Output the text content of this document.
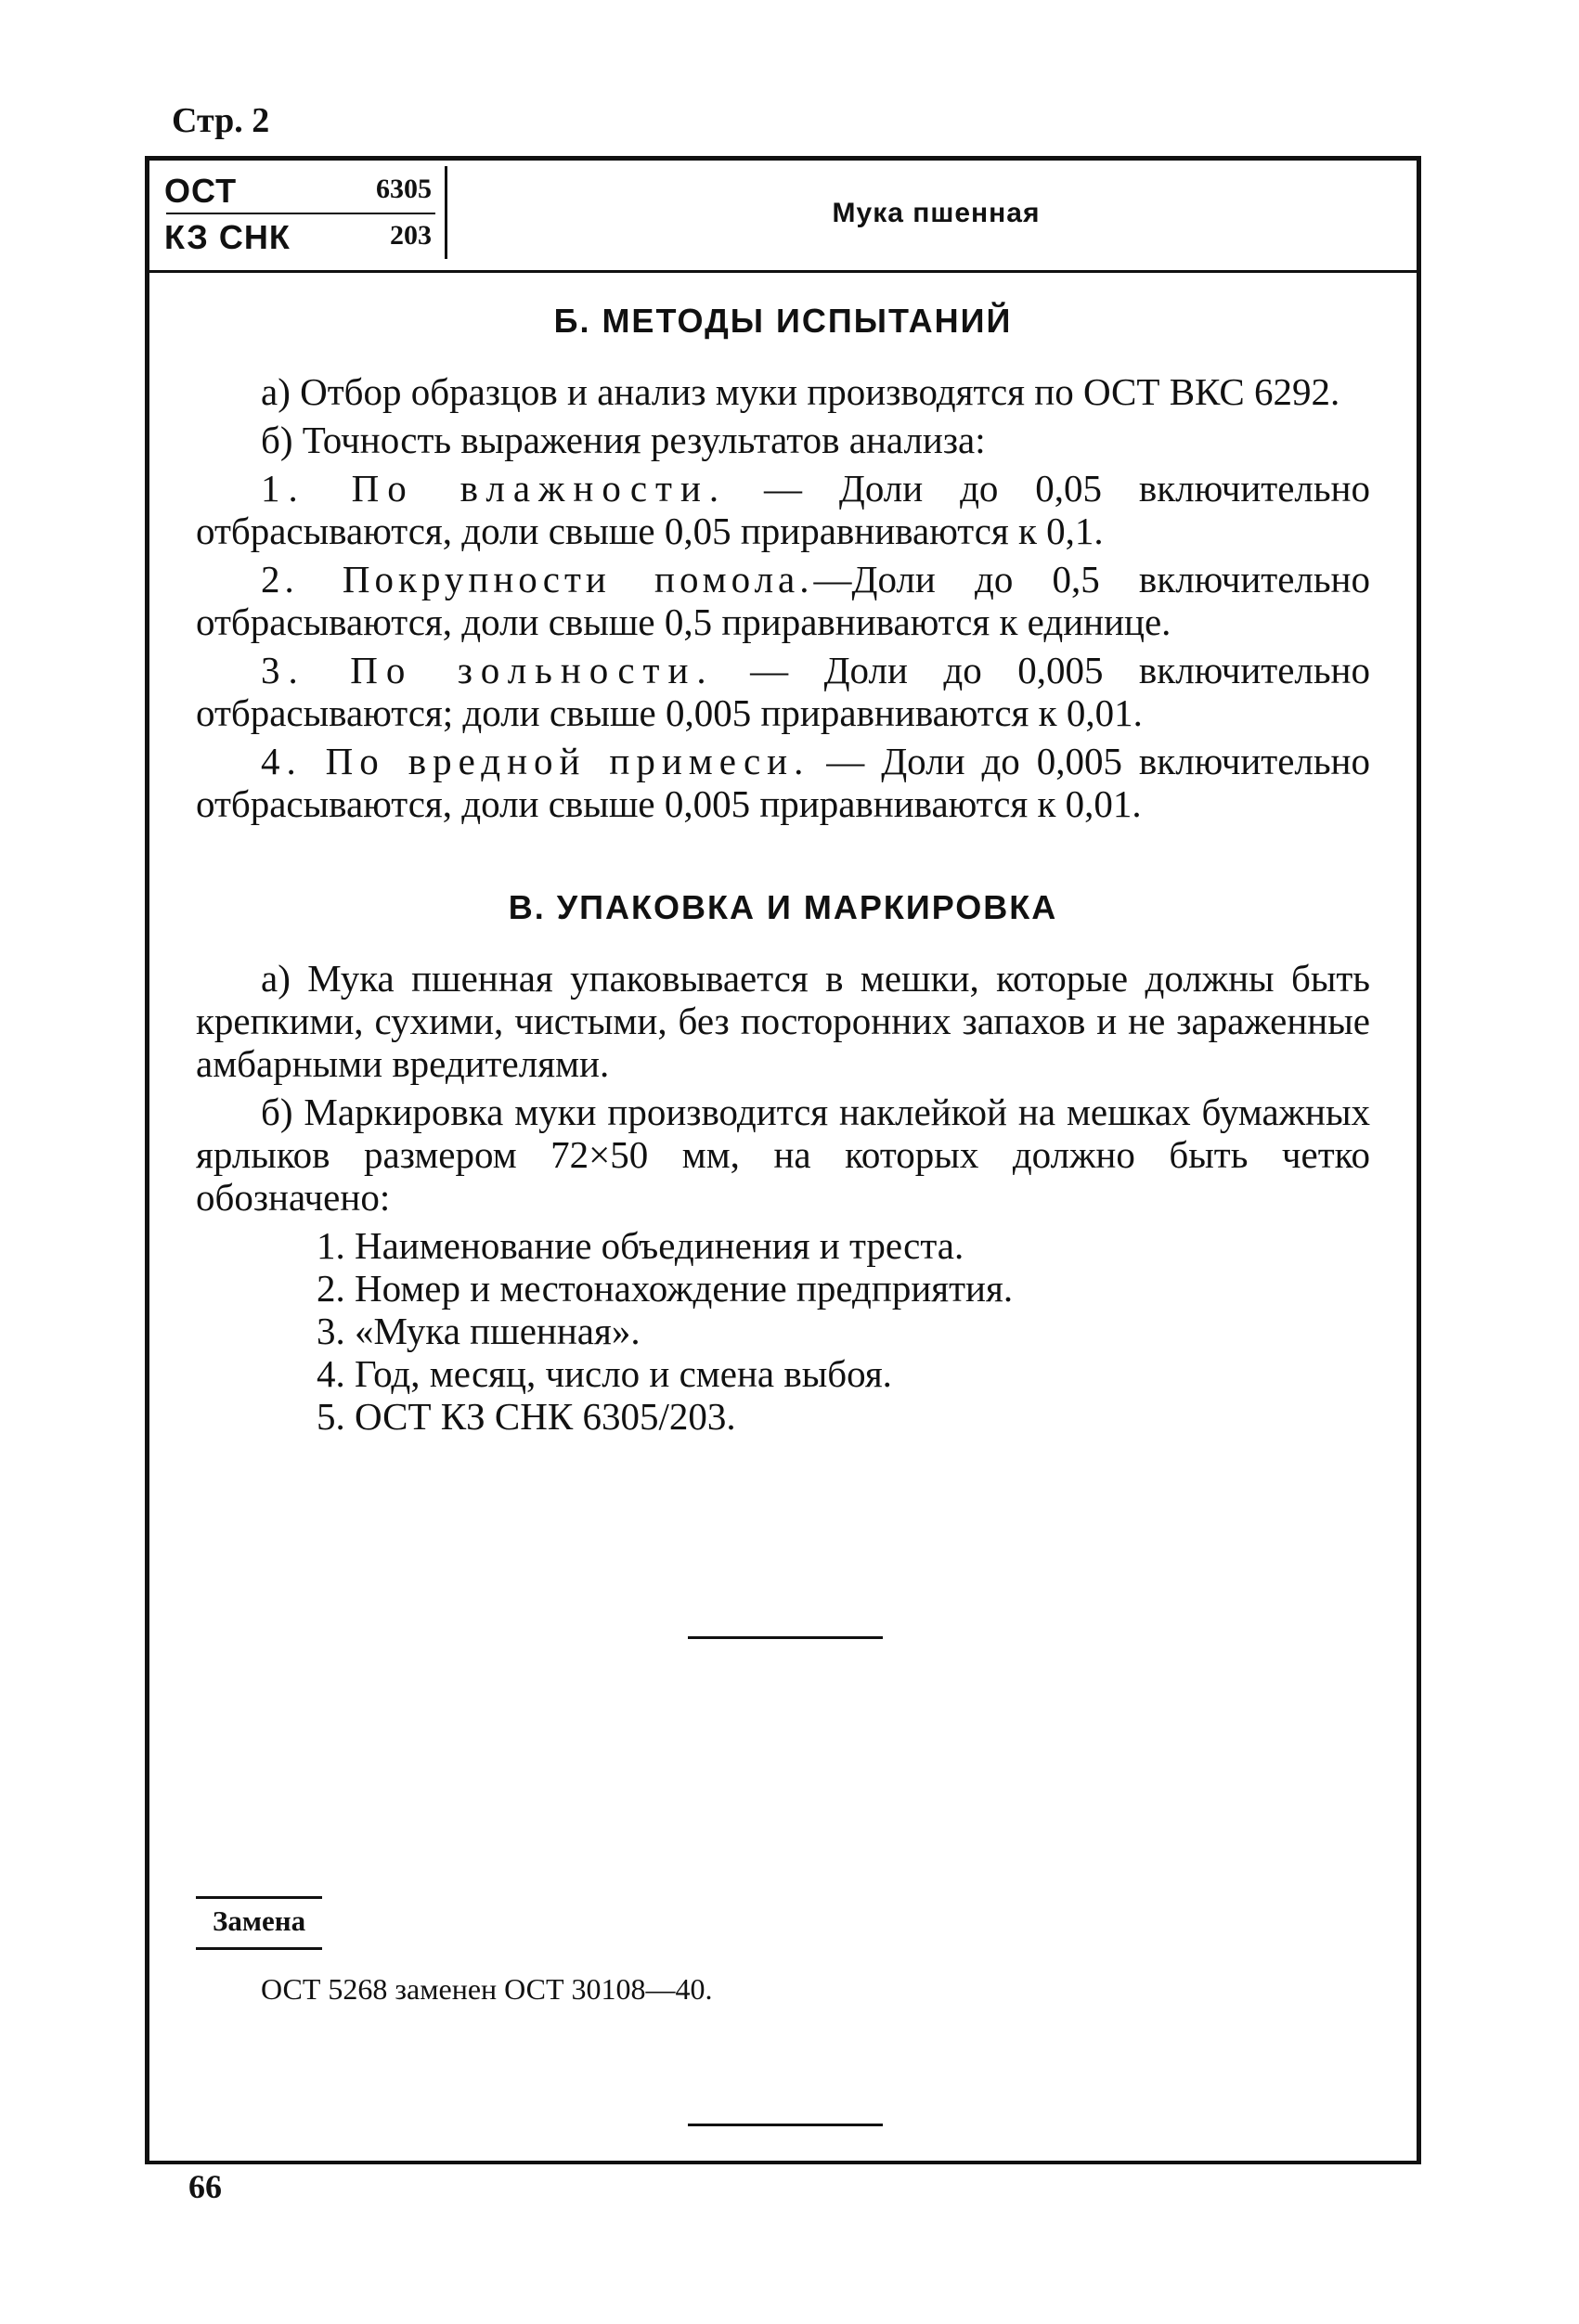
Стр. 2
ОСТ	6305
КЗ СНК	203
Мука пшенная
Б. МЕТОДЫ ИСПЫТАНИЙ

а) Отбор образцов и анализ муки производятся по ОСТ ВКС 6292.

б) Точность выражения результатов анализа:

1. По влажности. — Доли до 0,05 включительно отбрасываются, доли свыше 0,05 приравниваются к 0,1.

2. Покрупности помола.—Доли до 0,5 включительно отбрасываются, доли свыше 0,5 приравниваются к единице.

3. По зольности. — Доли до 0,005 включительно отбрасываются; доли свыше 0,005 приравниваются к 0,01.

4. По вредной примеси. — Доли до 0,005 включительно отбрасываются, доли свыше 0,005 приравниваются к 0,01.

В. УПАКОВКА И МАРКИРОВКА

а) Мука пшенная упаковывается в мешки, которые должны быть крепкими, сухими, чистыми, без посторонних запахов и не зараженные амбарными вредителями.

б) Маркировка муки производится наклейкой на мешках бумажных ярлыков размером 72×50 мм, на которых должно быть четко обозначено:

1. Наименование объединения и треста.
2. Номер и местонахождение предприятия.
3. «Мука пшенная».
4. Год, месяц, число и смена выбоя.
5. ОСТ КЗ СНК 6305/203.
Замена
ОСТ 5268 заменен ОСТ 30108—40.
66
